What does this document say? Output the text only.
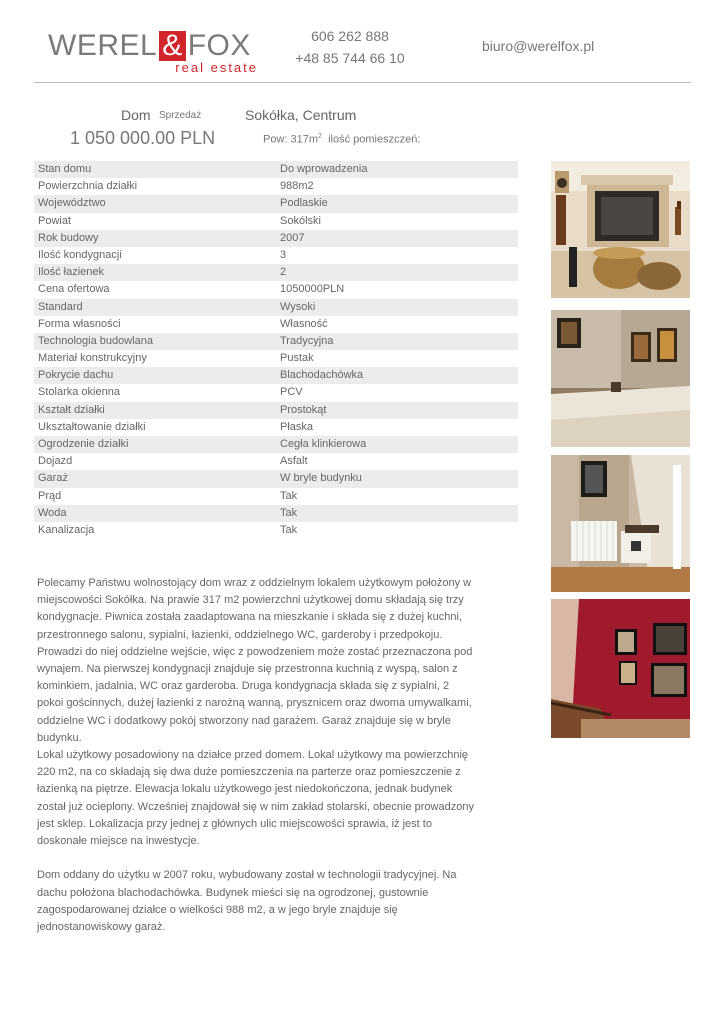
WEREL & FOX
real estate
606 262 888
+48 85 744 66 10
biuro@werelfox.pl
Dom Sprzedaż
1 050 000.00 PLN
Sokółka, Centrum
Pow: $317m^2$ ilość pomieszczeń:
Stan domu	Do wprowadzenia
Powierzchnia działki	988m2
Województwo	Podlaskie
Powiat	Sokólski
Rok budowy	2007
Ilość kondygnacji	3
Ilość łazienek	2
Cena ofertowa	1050000PLN
Standard	Wysoki
Forma własności	Własność
Technologia budowlana	Tradycyjna
Materiał konstrukcyjny	Pustak
Pokrycie dachu	Blachodachówka
Stolarka okienna	PCV
Kształt działki	Prostokąt
Ukształtowanie działki	Płaska
Ogrodzenie działki	Cegła klinkierowa
Dojazd	Asfalt
Garaż	W bryle budynku
Prąd	Tak
Woda	Tak
Kanalizacja	Tak

Polecamy Państwu wolnostojący dom wraz z oddzielnym lokalem użytkowym położony w miejscowości Sokółka. Na prawie 317 m2 powierzchni użytkowej domu składają się trzy kondygnacje. Piwnica została zaadaptowana na mieszkanie i składa się z dużej kuchni, przestronnego salonu, sypialni, łazienki, oddzielnego WC, garderoby i przedpokoju. Prowadzi do niej oddzielne wejście, więc z powodzeniem może zostać przeznaczona pod wynajem. Na pierwszej kondygnacji znajduje się przestronna kuchnią z wyspą, salon z kominkiem, jadalnia, WC oraz garderoba. Druga kondygnacja składa się z sypialni, 2 pokoi gościnnych, dużej łazienki z narożną wanną, prysznicem oraz dwoma umywalkami, oddzielne WC i dodatkowy pokój stworzony nad garażem. Garaż znajduje się w bryle budynku.

Lokal użytkowy posadowiony na działce przed domem. Lokal użytkowy ma powierzchnię 220 m2, na co składają się dwa duże pomieszczenia na parterze oraz pomieszczenie z łazienką na piętrze. Elewacja lokalu użytkowego jest niedokończona, jednak budynek został już ocieplony. Wcześniej znajdował się w nim zakład stolarski, obecnie prowadzony jest sklep. Lokalizacja przy jednej z głównych ulic miejscowości sprawia, iż jest to doskonałe miejsce na inwestycje.

Dom oddany do użytku w 2007 roku, wybudowany został w technologii tradycyjnej. Na dachu położona blachodachówka. Budynek mieści się na ogrodzonej, gustownie zagospodarowanej działce o wielkości 988 m2, a w jego bryle znajduje się jednostanowiskowy garaż.
